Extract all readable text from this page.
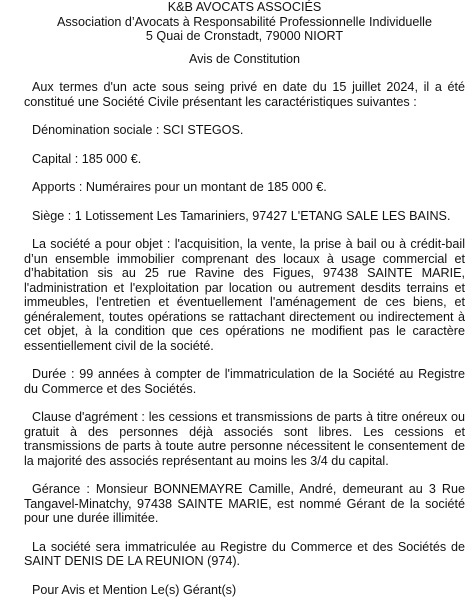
K&B AVOCATS ASSOCIÉS
Association d’Avocats à Responsabilité Professionnelle Individuelle
5 Quai de Cronstadt, 79000 NIORT
Avis de Constitution

Aux termes d'un acte sous seing privé en date du 15 juillet 2024, il a été constitué une Société Civile présentant les caractéristiques suivantes :

Dénomination sociale : SCI STEGOS.

Capital : 185 000 €.

Apports : Numéraires pour un montant de 185 000 €.

Siège : 1 Lotissement Les Tamariniers, 97427 L'ETANG SALE LES BAINS.

La société a pour objet : l'acquisition, la vente, la prise à bail ou à crédit-bail d’un ensemble immobilier comprenant des locaux à usage commercial et d’habitation sis au 25 rue Ravine des Figues, 97438 SAINTE MARIE, l'administration et l'exploitation par location ou autrement desdits terrains et immeubles, l'entretien et éventuellement l'aménagement de ces biens, et généralement, toutes opérations se rattachant directement ou indirectement à cet objet, à la condition que ces opérations ne modifient pas le caractère essentiellement civil de la société.

Durée : 99 années à compter de l'immatriculation de la Société au Registre du Commerce et des Sociétés.

Clause d'agrément : les cessions et transmissions de parts à titre onéreux ou gratuit à des personnes déjà associés sont libres. Les cessions et transmissions de parts à toute autre personne nécessitent le consentement de la majorité des associés représentant au moins les 3/4 du capital.

Gérance : Monsieur BONNEMAYRE Camille, André, demeurant au 3 Rue Tangavel-Minatchy, 97438 SAINTE MARIE, est nommé Gérant de la société pour une durée illimitée.

La société sera immatriculée au Registre du Commerce et des Sociétés de SAINT DENIS DE LA REUNION (974).

Pour Avis et Mention Le(s) Gérant(s)
